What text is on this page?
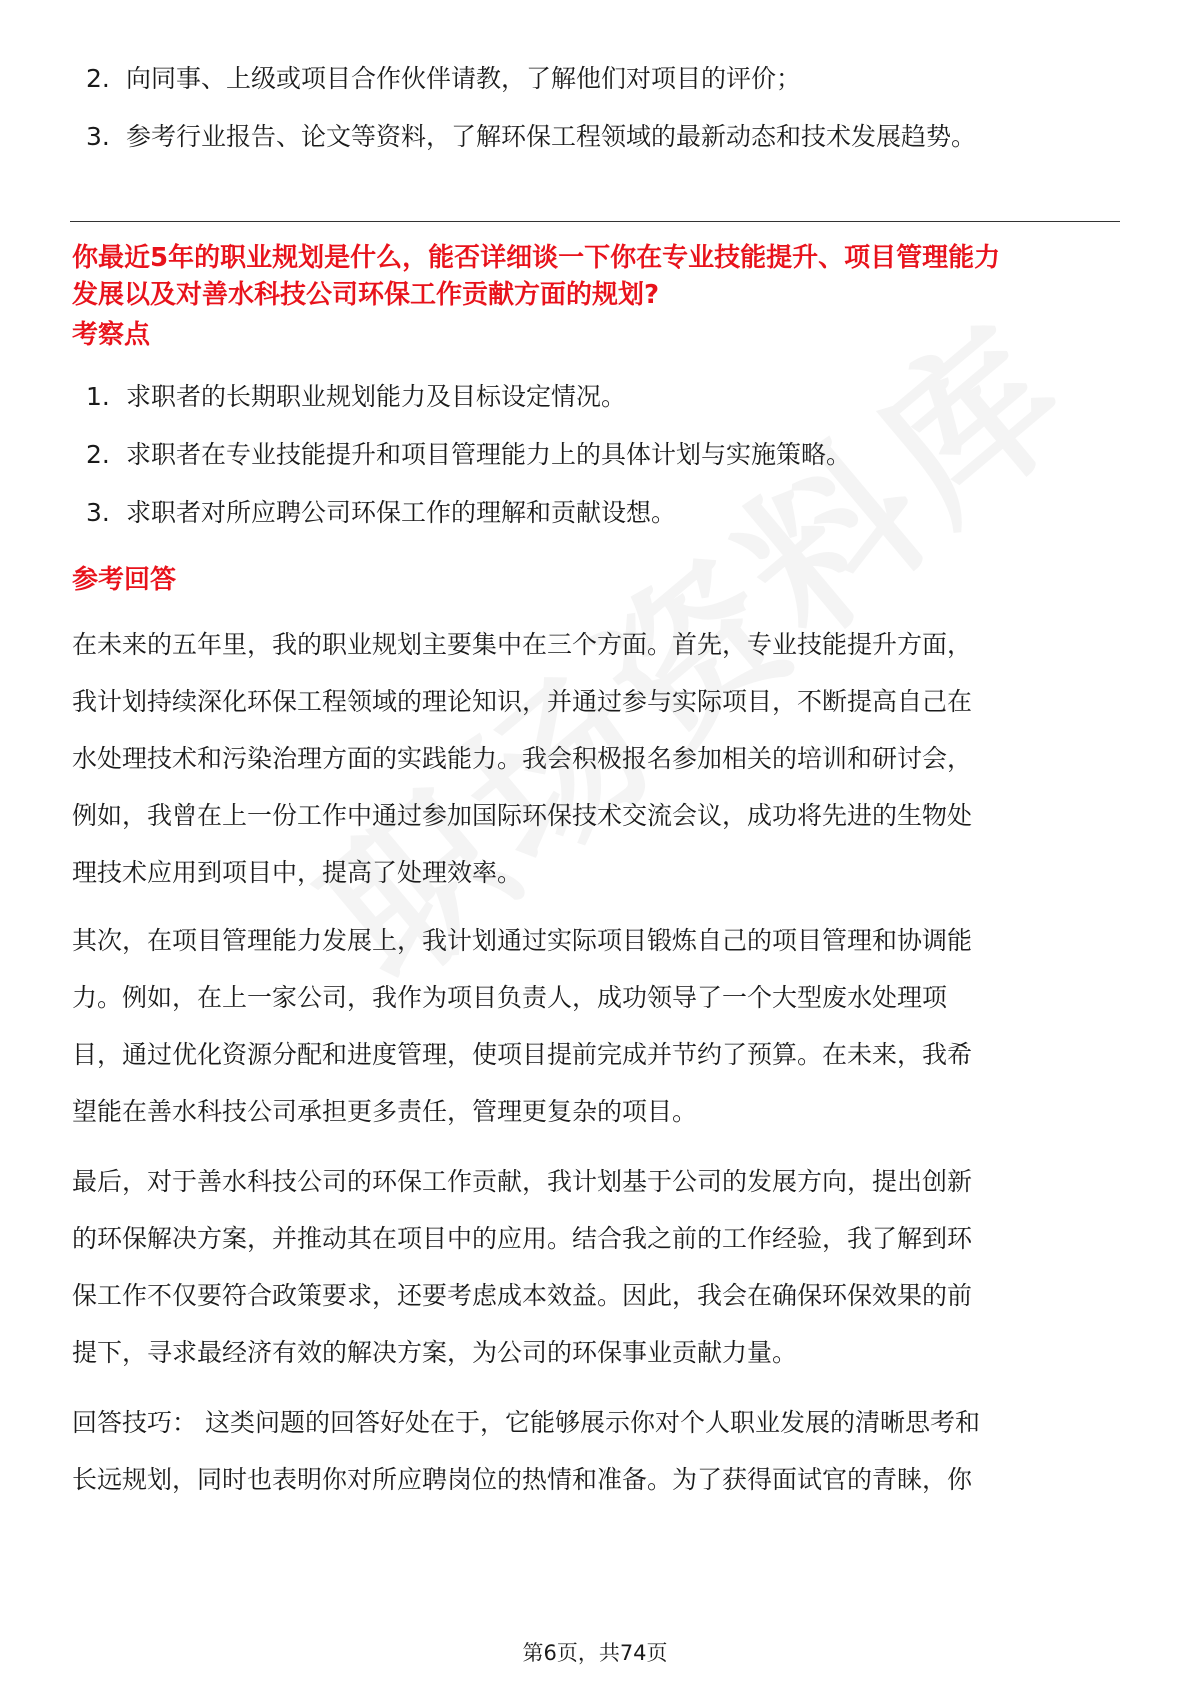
2. 向同事、上级或项目合作伙伴请教，了解他们对项目的评价；
3. 参考行业报告、论文等资料，了解环保工程领域的最新动态和技术发展趋势。

你最近5年的职业规划是什么，能否详细谈一下你在专业技能提升、项目管理能力
发展以及对善水科技公司环保工作贡献方面的规划?

考察点

1. 求职者的长期职业规划能力及目标设定情况。
2. 求职者在专业技能提升和项目管理能力上的具体计划与实施策略。
3. 求职者对所应聘公司环保工作的理解和贡献设想。

参考回答

在未来的五年里，我的职业规划主要集中在三个方面。首先，专业技能提升方面，
我计划持续深化环保工程领域的理论知识，并通过参与实际项目，不断提高自己在
水处理技术和污染治理方面的实践能力。我会积极报名参加相关的培训和研讨会，
例如，我曾在上一份工作中通过参加国际环保技术交流会议，成功将先进的生物处
理技术应用到项目中，提高了处理效率。
其次，在项目管理能力发展上，我计划通过实际项目锻炼自己的项目管理和协调能
力。例如，在上一家公司，我作为项目负责人，成功领导了一个大型废水处理项
目，通过优化资源分配和进度管理，使项目提前完成并节约了预算。在未来，我希
望能在善水科技公司承担更多责任，管理更复杂的项目。
最后，对于善水科技公司的环保工作贡献，我计划基于公司的发展方向，提出创新
的环保解决方案，并推动其在项目中的应用。结合我之前的工作经验，我了解到环
保工作不仅要符合政策要求，还要考虑成本效益。因此，我会在确保环保效果的前
提下，寻求最经济有效的解决方案，为公司的环保事业贡献力量。
回答技巧： 这类问题的回答好处在于，它能够展示你对个人职业发展的清晰思考和
长远规划，同时也表明你对所应聘岗位的热情和准备。为了获得面试官的青睐，你
第6页，共74页
